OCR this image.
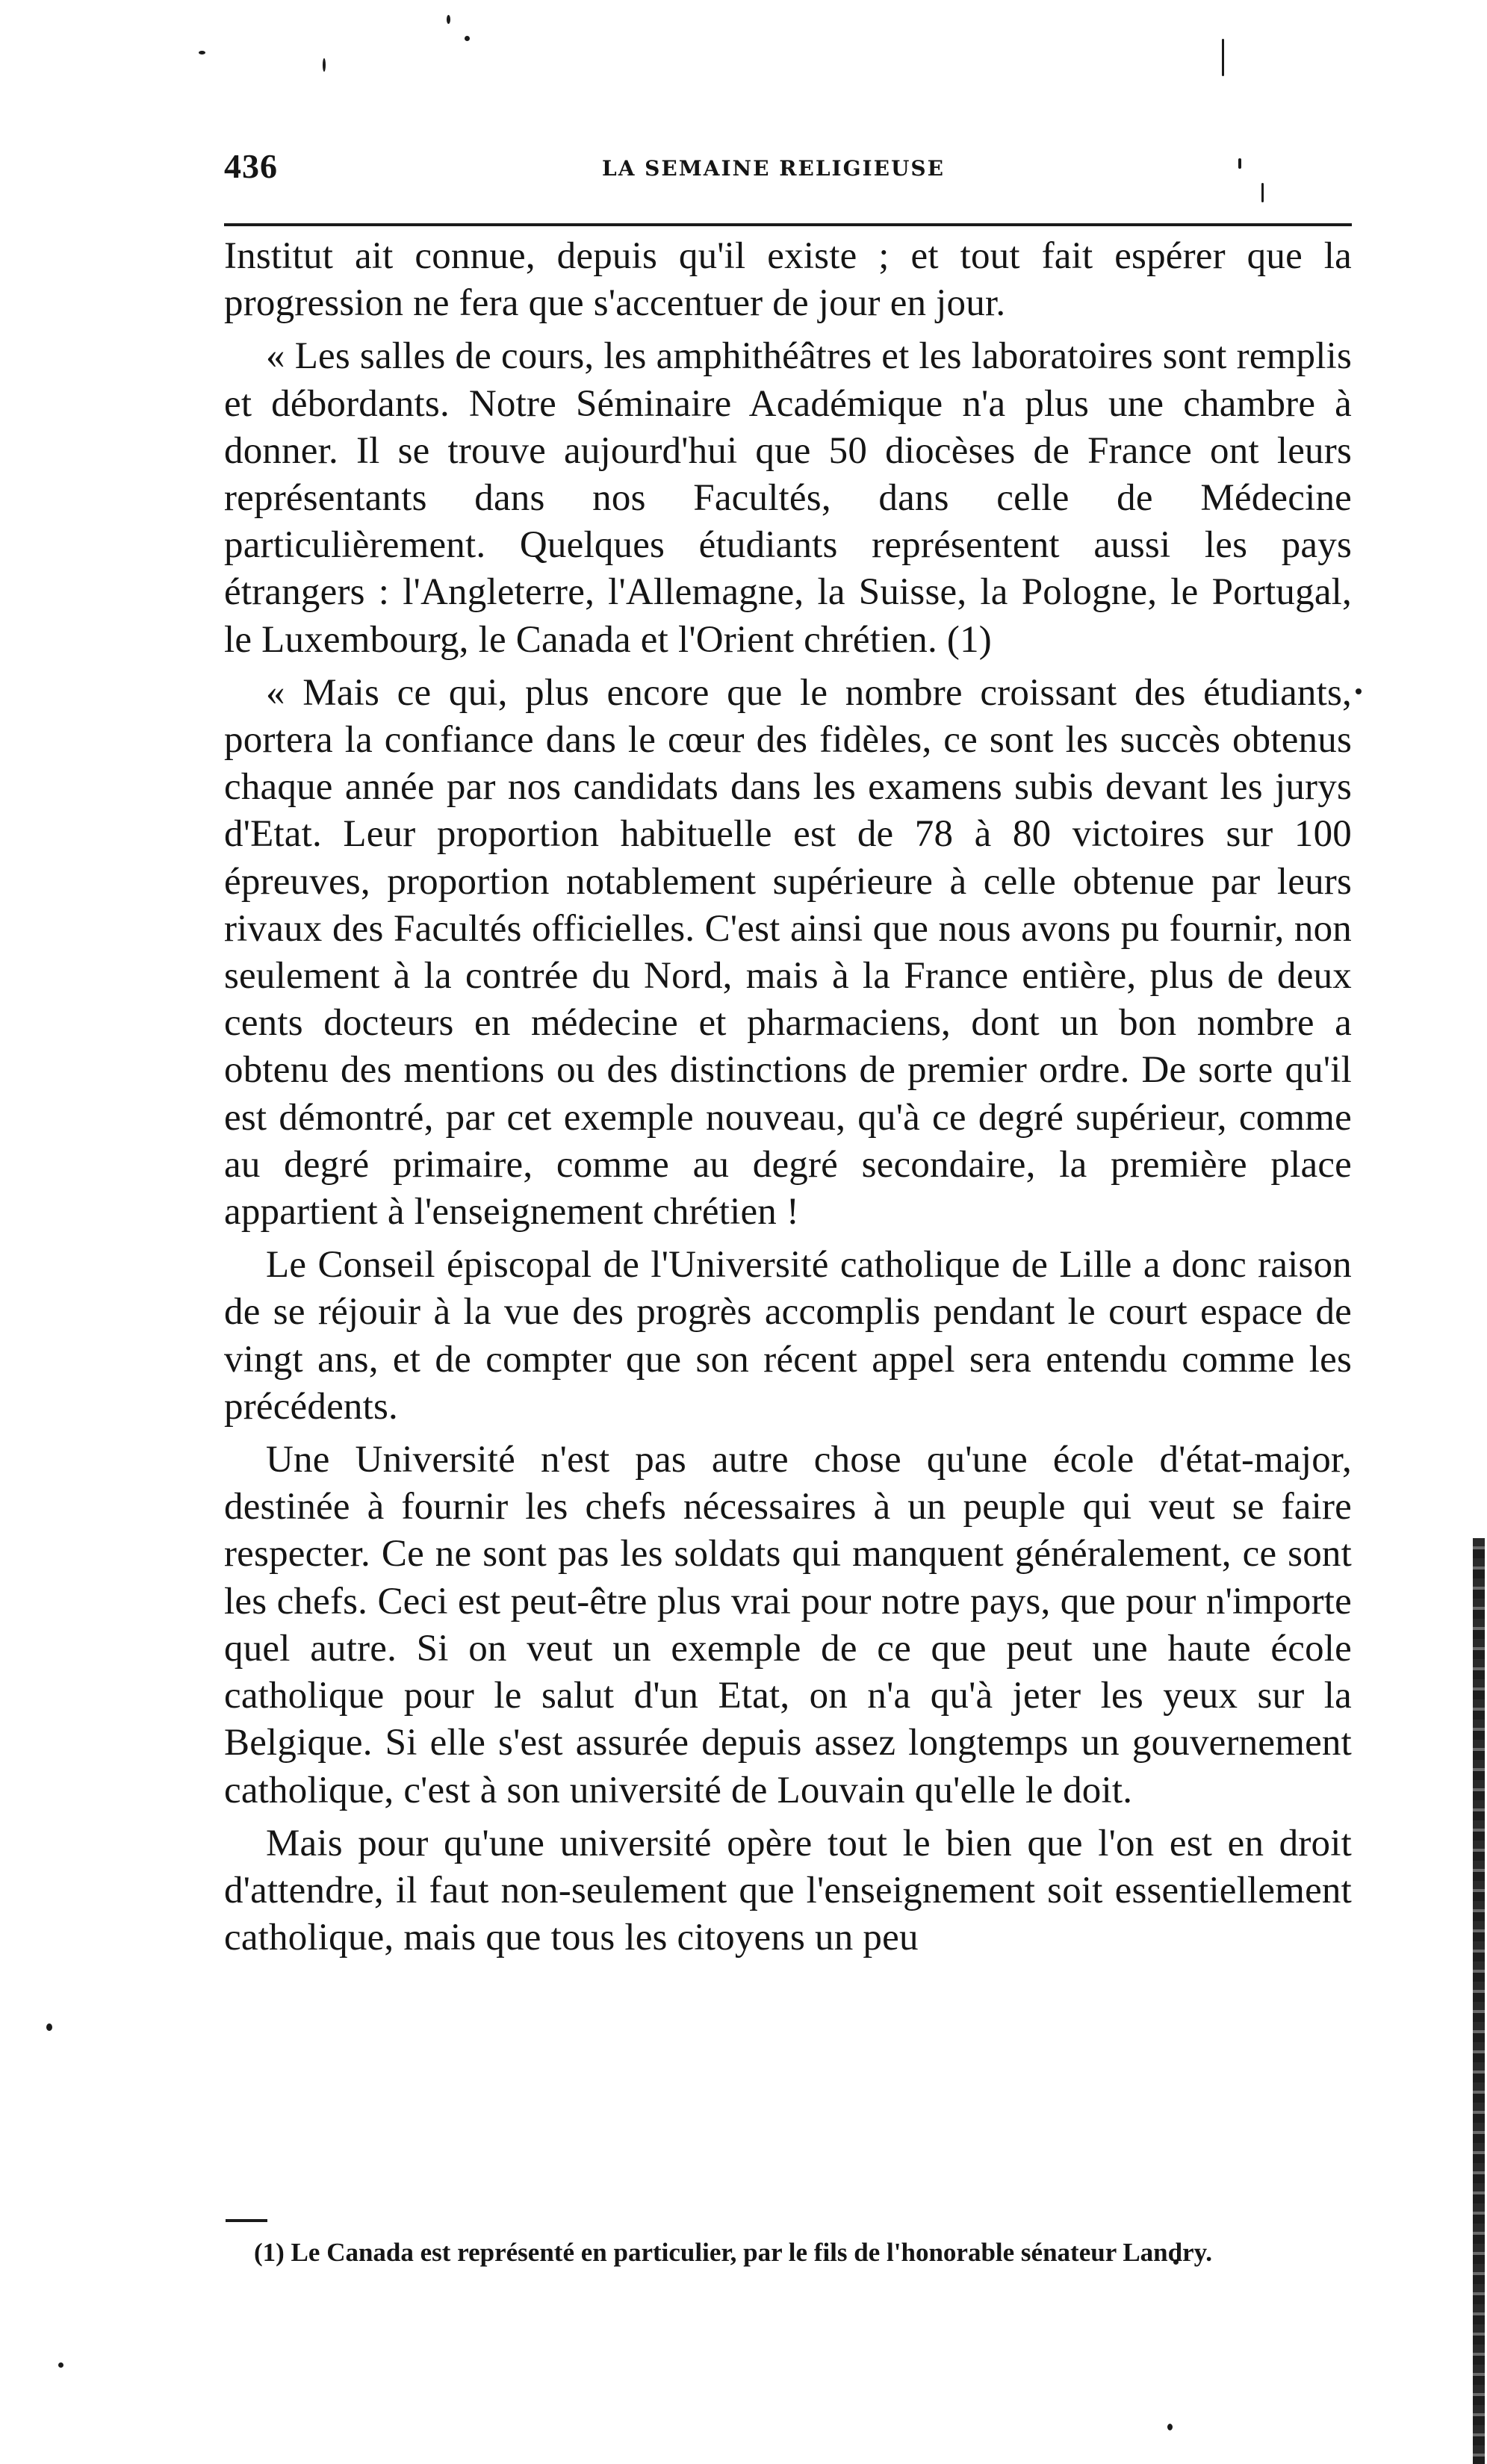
436	LA SEMAINE RELIGIEUSE

Institut ait connue, depuis qu'il existe ; et tout fait espérer que la progression ne fera que s'accentuer de jour en jour.

« Les salles de cours, les amphithéâtres et les laboratoires sont remplis et débordants. Notre Séminaire Académique n'a plus une chambre à donner. Il se trouve aujourd'hui que 50 diocèses de France ont leurs représentants dans nos Facultés, dans celle de Médecine particulièrement. Quelques étudiants représentent aussi les pays étrangers : l'Angleterre, l'Allemagne, la Suisse, la Pologne, le Portugal, le Luxembourg, le Canada et l'Orient chrétien. (1)

« Mais ce qui, plus encore que le nombre croissant des étudiants, portera la confiance dans le cœur des fidèles, ce sont les succès obtenus chaque année par nos candidats dans les examens subis devant les jurys d'Etat. Leur proportion habituelle est de 78 à 80 victoires sur 100 épreuves, proportion notablement supérieure à celle obtenue par leurs rivaux des Facultés officielles. C'est ainsi que nous avons pu fournir, non seulement à la contrée du Nord, mais à la France entière, plus de deux cents docteurs en médecine et pharmaciens, dont un bon nombre a obtenu des mentions ou des distinctions de premier ordre. De sorte qu'il est démontré, par cet exemple nouveau, qu'à ce degré supérieur, comme au degré primaire, comme au degré secondaire, la première place appartient à l'enseignement chrétien !

Le Conseil épiscopal de l'Université catholique de Lille a donc raison de se réjouir à la vue des progrès accomplis pendant le court espace de vingt ans, et de compter que son récent appel sera entendu comme les précédents.

Une Université n'est pas autre chose qu'une école d'état-major, destinée à fournir les chefs nécessaires à un peuple qui veut se faire respecter. Ce ne sont pas les soldats qui manquent généralement, ce sont les chefs. Ceci est peut-être plus vrai pour notre pays, que pour n'importe quel autre. Si on veut un exemple de ce que peut une haute école catholique pour le salut d'un Etat, on n'a qu'à jeter les yeux sur la Belgique. Si elle s'est assurée depuis assez longtemps un gouvernement catholique, c'est à son université de Louvain qu'elle le doit.

Mais pour qu'une université opère tout le bien que l'on est en droit d'attendre, il faut non-seulement que l'enseignement soit essentiellement catholique, mais que tous les citoyens un peu

(1) Le Canada est représenté en particulier, par le fils de l'honorable sénateur Landry.
